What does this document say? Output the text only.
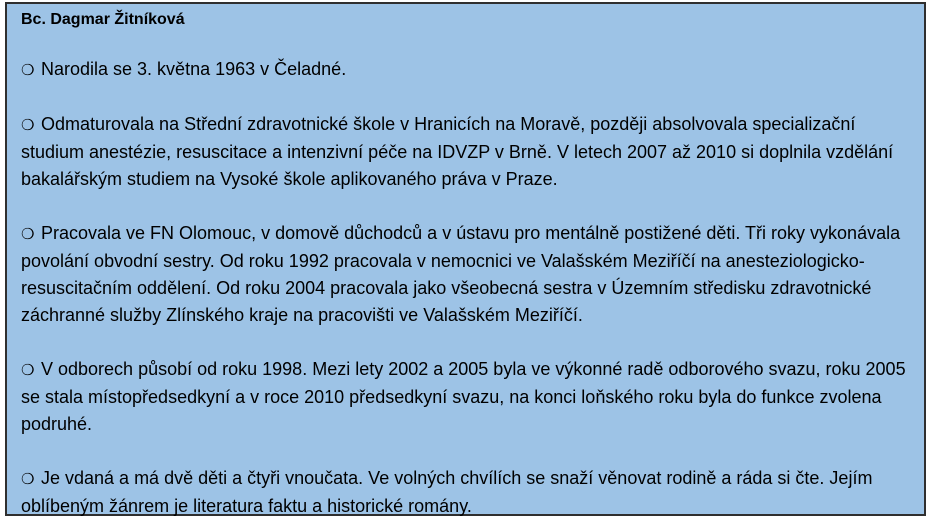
Bc. Dagmar Žitníková

❍ Narodila se 3. května 1963 v Čeladné.

❍ Odmaturovala na Střední zdravotnické škole v Hranicích na Moravě, později absolvovala specializační studium anestézie, resuscitace a intenzivní péče na IDVZP v Brně. V letech 2007 až 2010 si doplnila vzdělání bakalářským studiem na Vysoké škole aplikovaného práva v Praze.

❍ Pracovala ve FN Olomouc, v domově důchodců a v ústavu pro mentálně postižené děti. Tři roky vykonávala povolání obvodní sestry. Od roku 1992 pracovala v nemocnici ve Valašském Meziříčí na anesteziologicko-resuscitačním oddělení. Od roku 2004 pracovala jako všeobecná sestra v Územním středisku zdravotnické záchranné služby Zlínského kraje na pracovišti ve Valašském Meziříčí.

❍ V odborech působí od roku 1998. Mezi lety 2002 a 2005 byla ve výkonné radě odborového svazu, roku 2005 se stala místopředsedkyní a v roce 2010 předsedkyní svazu, na konci loňského roku byla do funkce zvolena podruhé.

❍ Je vdaná a má dvě děti a čtyři vnoučata. Ve volných chvílích se snaží věnovat rodině a ráda si čte. Jejím oblíbeným žánrem je literatura faktu a historické romány.
